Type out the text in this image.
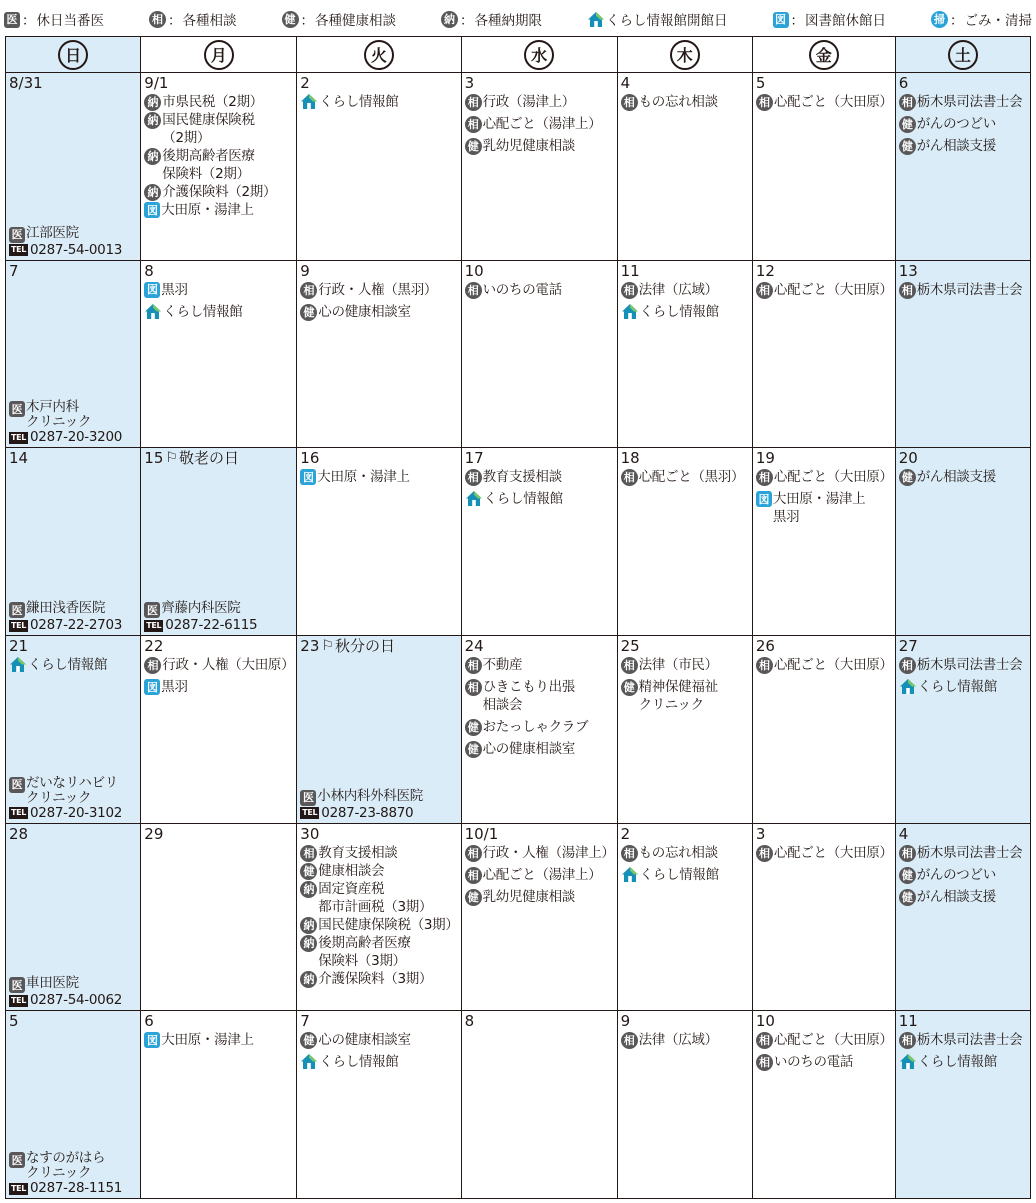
医 ： 休日当番医	相 ： 各種相談	健 ： 各種健康相談	納 ： 各種納期限	くらし情報館開館日	図 ： 図書館休館日	掃 ： ごみ・清掃
日	月	火	水	木	金	土
8/31
医 江部医院
TEL 0287-54-0013
9/1
納 市県民税（2期）
納 国民健康保険税
（2期）
納 後期高齢者医療
保険料（2期）
納 介護保険料（2期）
図 大田原・湯津上
2
くらし情報館
3
相 行政（湯津上）
相 心配ごと（湯津上）
健 乳幼児健康相談
4
相 もの忘れ相談
5
相 心配ごと（大田原）
6
相 栃木県司法書士会
健 がんのつどい
健 がん相談支援
7
医 木戸内科
クリニック
TEL 0287-20-3200
8
図 黒羽
くらし情報館
9
相 行政・人権（黒羽）
健 心の健康相談室
10
相 いのちの電話
11
相 法律（広域）
くらし情報館
12
相 心配ごと（大田原）
13
相 栃木県司法書士会
14
医 鎌田浅香医院
TEL 0287-22-2703
15 ⚐ 敬老の日
医 齊藤内科医院
TEL 0287-22-6115
16
図 大田原・湯津上
17
相 教育支援相談
くらし情報館
18
相 心配ごと（黒羽）
19
相 心配ごと（大田原）
図 大田原・湯津上
黒羽
20
健 がん相談支援
21
くらし情報館
医 だいなリハビリ
クリニック
TEL 0287-20-3102
22
相 行政・人権（大田原）
図 黒羽
23 ⚐ 秋分の日
医 小林内科外科医院
TEL 0287-23-8870
24
相 不動産
相 ひきこもり出張
相談会
健 おたっしゃクラブ
健 心の健康相談室
25
相 法律（市民）
健 精神保健福祉
クリニック
26
相 心配ごと（大田原）
27
相 栃木県司法書士会
くらし情報館
28
医 車田医院
TEL 0287-54-0062
29	30
相 教育支援相談
健 健康相談会
納 固定資産税
都市計画税（3期）
納 国民健康保険税（3期）
納 後期高齢者医療
保険料（3期）
納 介護保険料（3期）
10/1
相 行政・人権（湯津上）
相 心配ごと（湯津上）
健 乳幼児健康相談
2
相 もの忘れ相談
くらし情報館
3
相 心配ごと（大田原）
4
相 栃木県司法書士会
健 がんのつどい
健 がん相談支援
5
医 なすのがはら
クリニック
TEL 0287-28-1151
6
図 大田原・湯津上
7
健 心の健康相談室
くらし情報館
8	9
相 法律（広域）
10
相 心配ごと（大田原）
相 いのちの電話
11
相 栃木県司法書士会
くらし情報館
